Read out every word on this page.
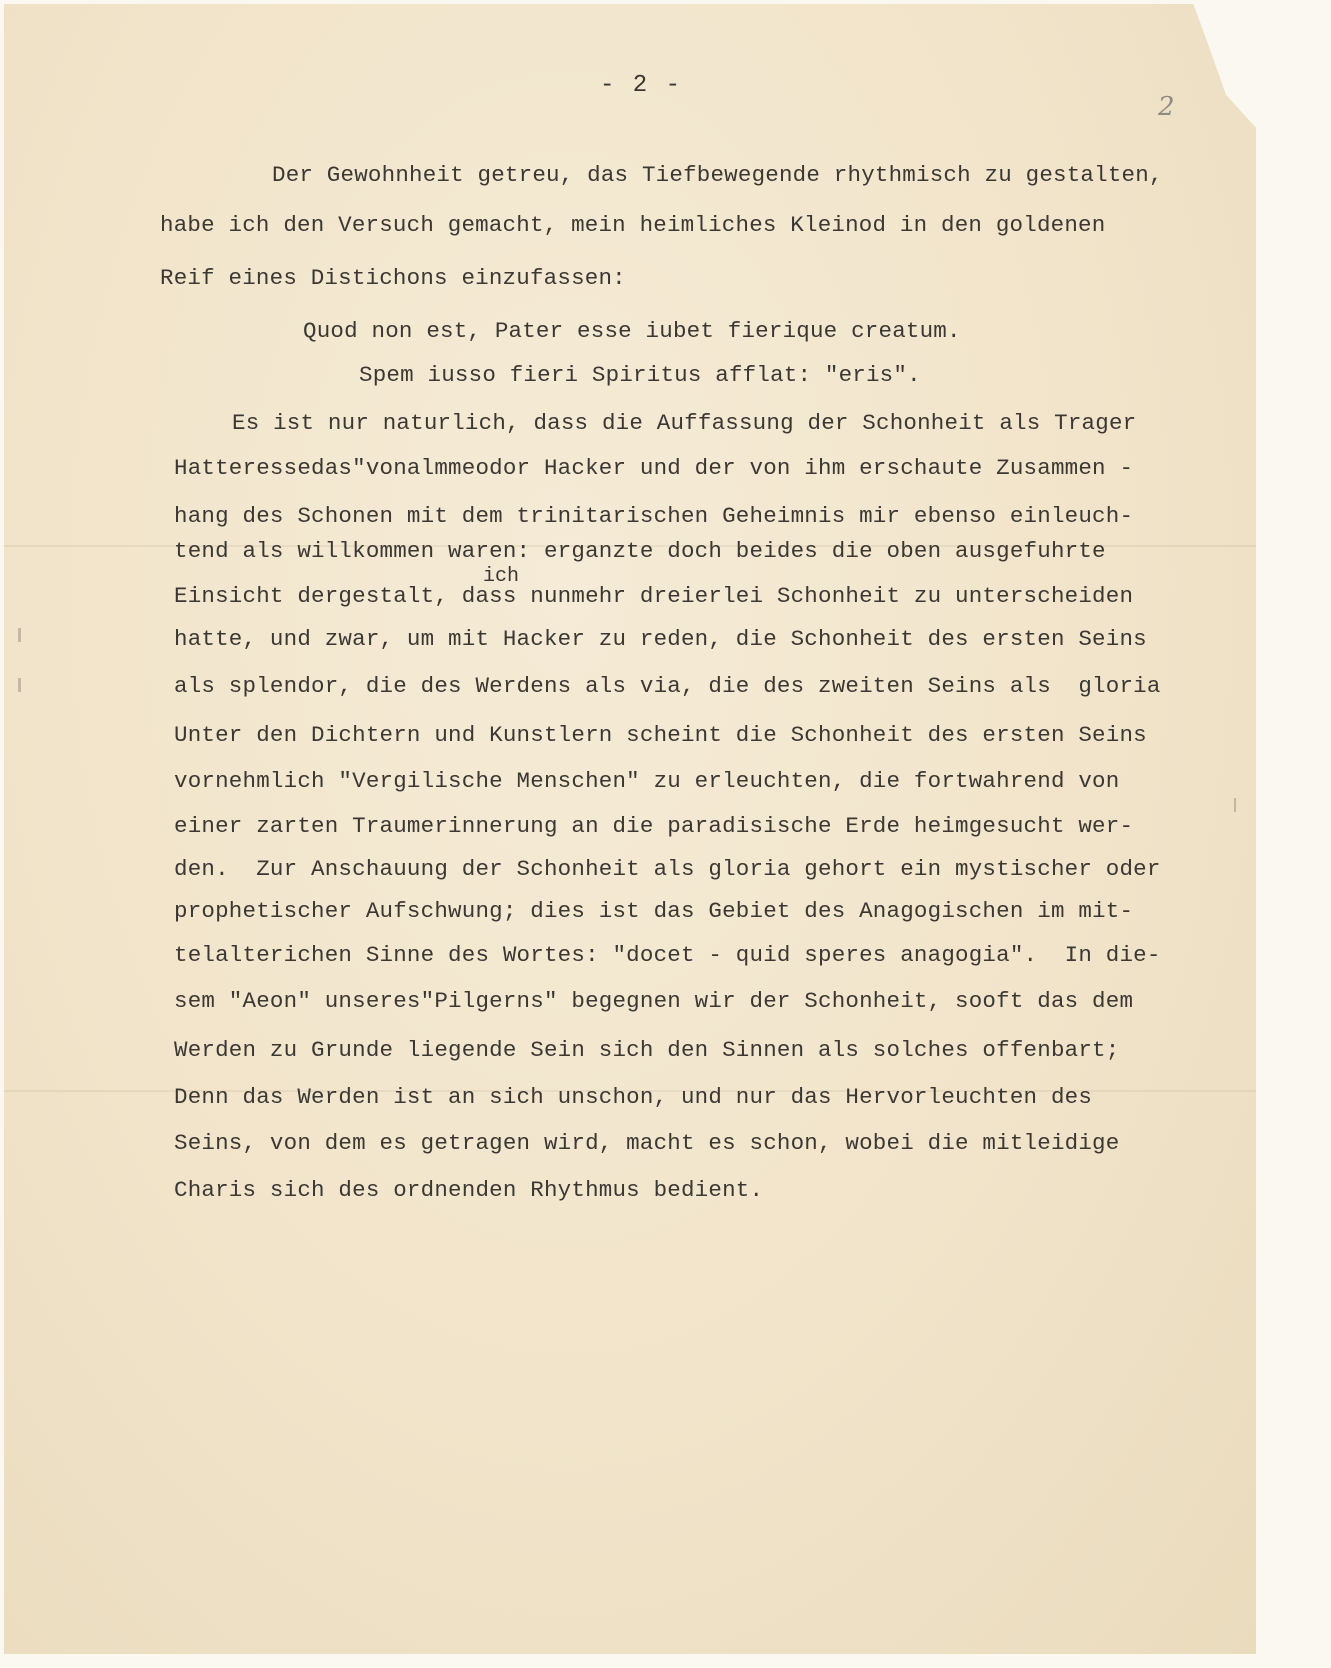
- 2 -
2

Der Gewohnheit getreu, das Tiefbewegende rhythmisch zu gestalten,

habe ich den Versuch gemacht, mein heimliches Kleinod in den goldenen

Reif eines Distichons einzufassen:

Quod non est, Pater esse iubet fierique creatum.

Spem iusso fieri Spiritus afflat: "eris".

Es ist nur naturlich, dass die Auffassung der Schonheit als Trager

Hatteressedas"vonalmmeodor Hacker und der von ihm erschaute Zusammen -

hang des Schonen mit dem trinitarischen Geheimnis mir ebenso einleuch-

tend als willkommen waren: erganzte doch beides die oben ausgefuhrte

ich

Einsicht dergestalt, dass nunmehr dreierlei Schonheit zu unterscheiden

hatte, und zwar, um mit Hacker zu reden, die Schonheit des ersten Seins

als splendor, die des Werdens als via, die des zweiten Seins als  gloria

Unter den Dichtern und Kunstlern scheint die Schonheit des ersten Seins

vornehmlich "Vergilische Menschen" zu erleuchten, die fortwahrend von

einer zarten Traumerinnerung an die paradisische Erde heimgesucht wer-

den.  Zur Anschauung der Schonheit als gloria gehort ein mystischer oder

prophetischer Aufschwung; dies ist das Gebiet des Anagogischen im mit-

telalterichen Sinne des Wortes: "docet - quid speres anagogia".  In die-

sem "Aeon" unseres"Pilgerns" begegnen wir der Schonheit, sooft das dem

Werden zu Grunde liegende Sein sich den Sinnen als solches offenbart;

Denn das Werden ist an sich unschon, und nur das Hervorleuchten des

Seins, von dem es getragen wird, macht es schon, wobei die mitleidige

Charis sich des ordnenden Rhythmus bedient.
